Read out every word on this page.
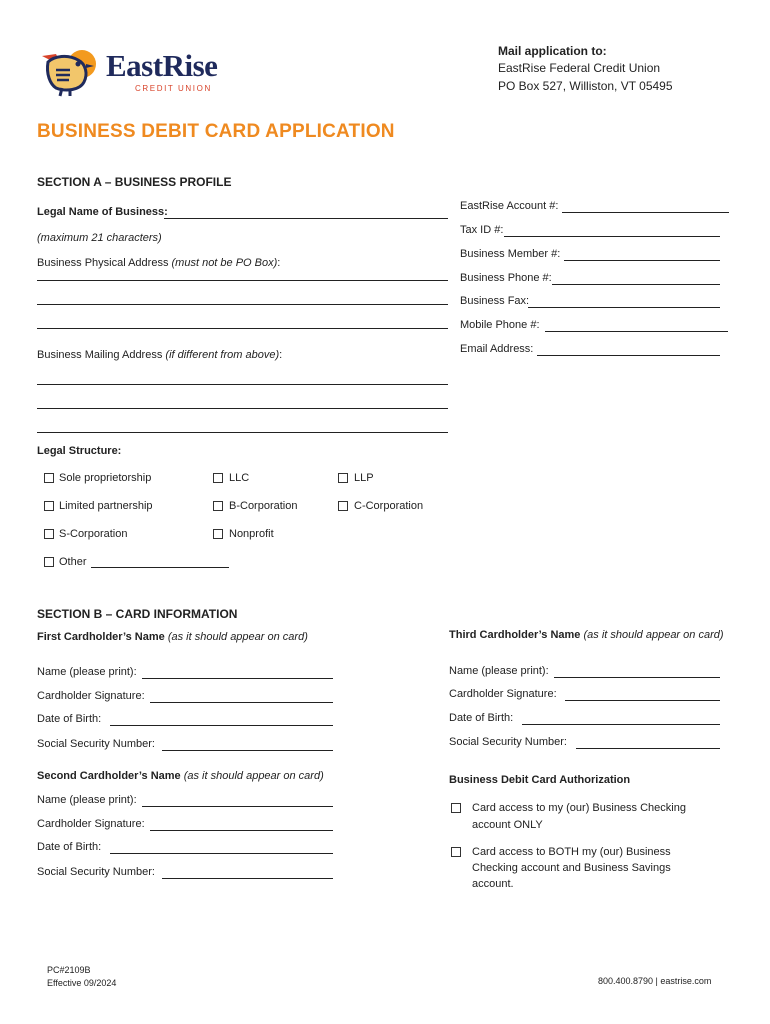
EastRise
CREDIT UNION
Mail application to:
EastRise Federal Credit Union
PO Box 527, Williston, VT 05495
BUSINESS DEBIT CARD APPLICATION
SECTION A – BUSINESS PROFILE
Legal Name of Business:
(maximum 21 characters)
Business Physical Address (must not be PO Box):
Business Mailing Address (if different from above):
EastRise Account #:
Tax ID #:
Business Member #:
Business Phone #:
Business Fax:
Mobile Phone #:
Email Address:
Legal Structure:
Sole proprietorship	LLC	LLP
Limited partnership	B-Corporation	C-Corporation
S-Corporation	Nonprofit
Other
SECTION B – CARD INFORMATION
First Cardholder’s Name (as it should appear on card)
Name (please print):
Cardholder Signature:
Date of Birth:
Social Security Number:
Second Cardholder’s Name (as it should appear on card)
Name (please print):
Cardholder Signature:
Date of Birth:
Social Security Number:
Third Cardholder’s Name (as it should appear on card)
Name (please print):
Cardholder Signature:
Date of Birth:
Social Security Number:
Business Debit Card Authorization
Card access to my (our) Business Checking
account ONLY
Card access to BOTH my (our) Business
Checking account and Business Savings
account.
PC#2109B
Effective 09/2024	800.400.8790 | eastrise.com
